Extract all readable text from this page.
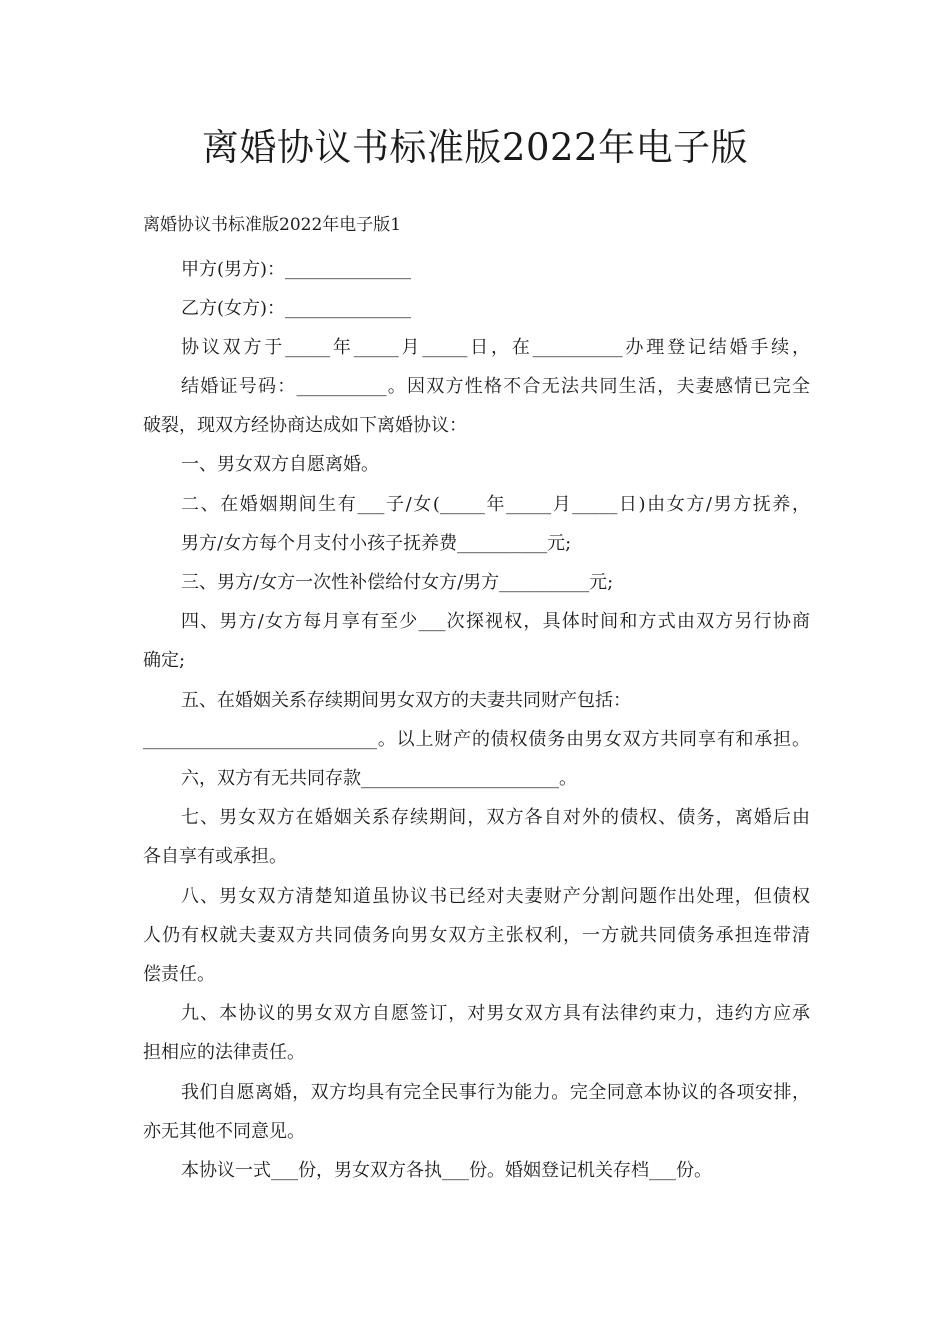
离婚协议书标准版2022年电子版
离婚协议书标准版2022年电子版1
甲方(男方)：______________
乙方(女方)：______________
协议双方于_____年_____月_____日，在__________办理登记结婚手续，
结婚证号码：__________。因双方性格不合无法共同生活，夫妻感情已完全
破裂，现双方经协商达成如下离婚协议：
一、男女双方自愿离婚。
二、在婚姻期间生有___子/女(_____年_____月_____日)由女方/男方抚养，
男方/女方每个月支付小孩子抚养费__________元;
三、男方/女方一次性补偿给付女方/男方__________元;
四、男方/女方每月享有至少___次探视权，具体时间和方式由双方另行协商
确定;
五、在婚姻关系存续期间男女双方的夫妻共同财产包括：
__________________________。以上财产的债权债务由男女双方共同享有和承担。
六，双方有无共同存款______________________。
七、男女双方在婚姻关系存续期间，双方各自对外的债权、债务，离婚后由
各自享有或承担。
八、男女双方清楚知道虽协议书已经对夫妻财产分割问题作出处理，但债权
人仍有权就夫妻双方共同债务向男女双方主张权利，一方就共同债务承担连带清
偿责任。
九、本协议的男女双方自愿签订，对男女双方具有法律约束力，违约方应承
担相应的法律责任。
我们自愿离婚，双方均具有完全民事行为能力。完全同意本协议的各项安排，
亦无其他不同意见。
本协议一式___份，男女双方各执___份。婚姻登记机关存档___份。
